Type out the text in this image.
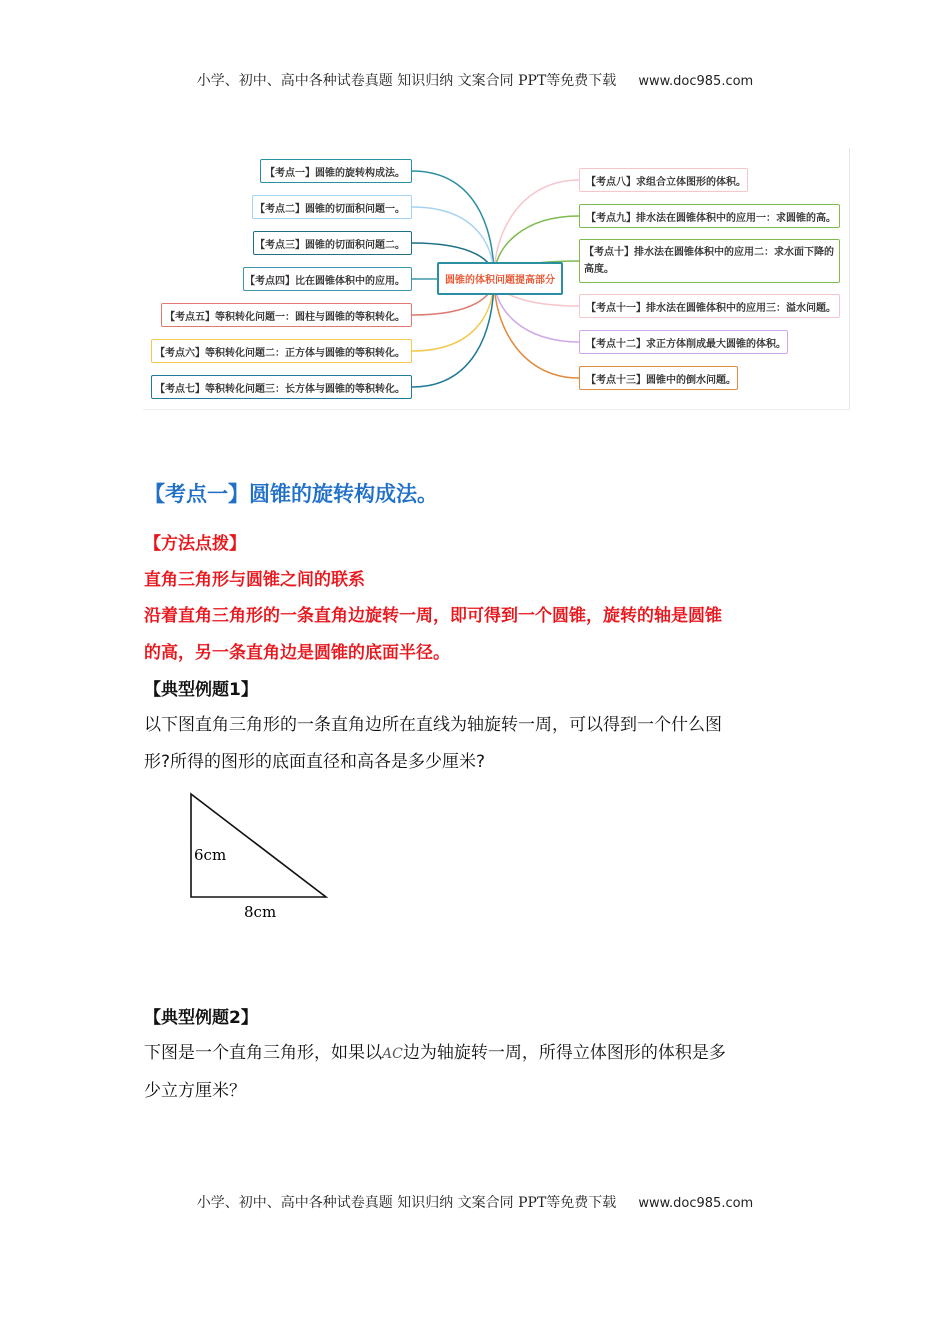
小学、初中、高中各种试卷真题 知识归纳 文案合同 PPT等免费下载 www.doc985.com
圆锥的体积问题提高部分
【考点一】圆锥的旋转构成法。
【考点二】圆锥的切面积问题一。
【考点三】圆锥的切面积问题二。
【考点四】比在圆锥体积中的应用。
【考点五】等积转化问题一：圆柱与圆锥的等积转化。
【考点六】等积转化问题二：正方体与圆锥的等积转化。
【考点七】等积转化问题三：长方体与圆锥的等积转化。
【考点八】求组合立体图形的体积。
【考点九】排水法在圆锥体积中的应用一：求圆锥的高。
【考点十】排水法在圆锥体积中的应用二：求水面下降的高度。
【考点十一】排水法在圆锥体积中的应用三：溢水问题。
【考点十二】求正方体削成最大圆锥的体积。
【考点十三】圆锥中的倒水问题。
【考点一】圆锥的旋转构成法。
【方法点拨】
直角三角形与圆锥之间的联系
沿着直角三角形的一条直角边旋转一周，即可得到一个圆锥，旋转的轴是圆锥
的高，另一条直角边是圆锥的底面半径。
【典型例题1】
以下图直角三角形的一条直角边所在直线为轴旋转一周，可以得到一个什么图
形?所得的图形的底面直径和高各是多少厘米?
6cm
8cm
【典型例题2】
下图是一个直角三角形，如果以AC边为轴旋转一周，所得立体图形的体积是多
少立方厘米？
小学、初中、高中各种试卷真题 知识归纳 文案合同 PPT等免费下载 www.doc985.com
